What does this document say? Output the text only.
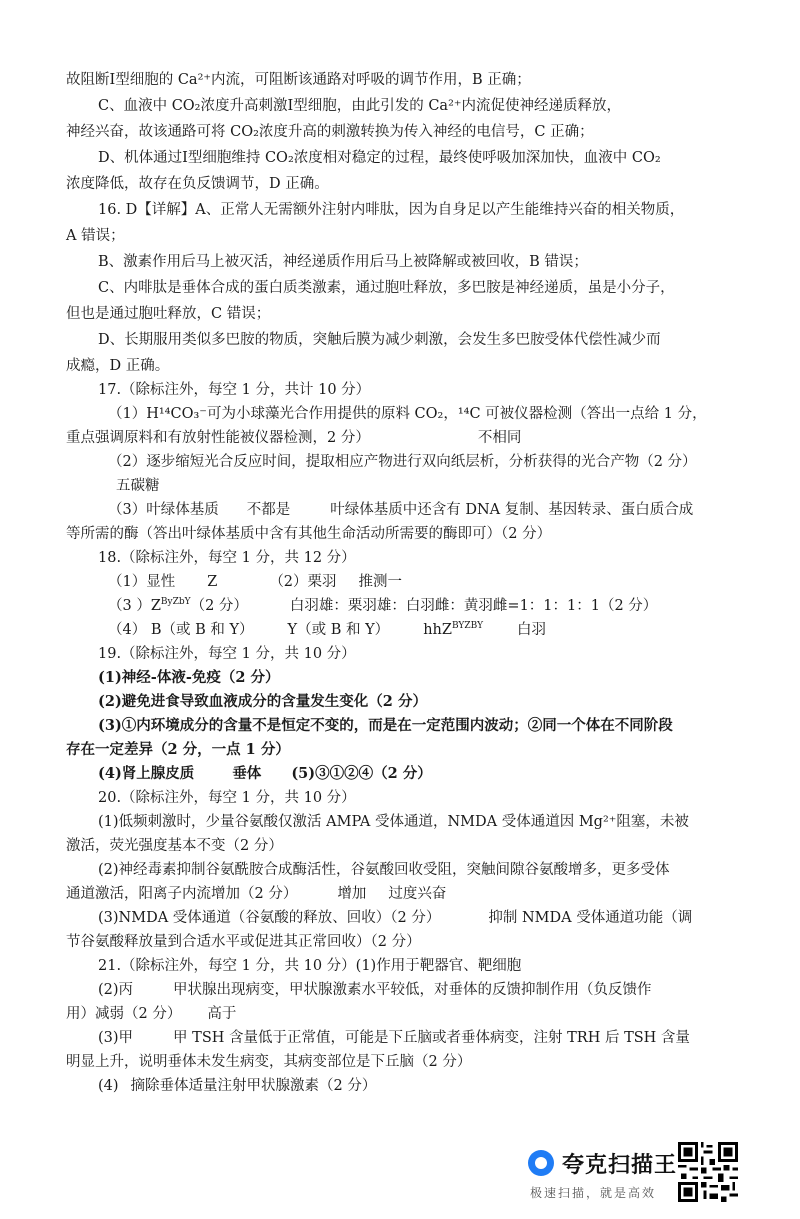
故阻断Ⅰ型细胞的 Ca²⁺内流，可阻断该通路对呼吸的调节作用，B 正确；
C、血液中 CO₂浓度升高刺激Ⅰ型细胞，由此引发的 Ca²⁺内流促使神经递质释放，
神经兴奋，故该通路可将 CO₂浓度升高的刺激转换为传入神经的电信号，C 正确；
D、机体通过Ⅰ型细胞维持 CO₂浓度相对稳定的过程，最终使呼吸加深加快，血液中 CO₂
浓度降低，故存在负反馈调节，D 正确。
16. D【详解】A、正常人无需额外注射内啡肽，因为自身足以产生能维持兴奋的相关物质，
A 错误；
B、激素作用后马上被灭活，神经递质作用后马上被降解或被回收，B 错误；
C、内啡肽是垂体合成的蛋白质类激素，通过胞吐释放，多巴胺是神经递质，虽是小分子，
但也是通过胞吐释放，C 错误；
D、长期服用类似多巴胺的物质，突触后膜为减少刺激，会发生多巴胺受体代偿性减少而
成瘾，D 正确。
17.（除标注外，每空 1 分，共计 10 分）
（1）H¹⁴CO₃⁻可为小球藻光合作用提供的原料 CO₂，¹⁴C 可被仪器检测（答出一点给 1 分，
重点强调原料和有放射性能被仪器检测，2 分）	不相同
（2）逐步缩短光合反应时间，提取相应产物进行双向纸层析，分析获得的光合产物（2 分）
五碳糖
（3）叶绿体基质 不都是	叶绿体基质中还含有 DNA 复制、基因转录、蛋白质合成
等所需的酶（答出叶绿体基质中含有其他生命活动所需要的酶即可）（2 分）
18.（除标注外，每空 1 分，共 12 分）
（1）显性 Z	（2）栗羽 推测一
（3 ）$Z^{ByZbY}(2$ 分）	白羽雄：栗羽雄：白羽雌：黄羽雌=1：1：1：1（2 分）
（4） B（或 B 和 Y） Y（或 B 和 Y） hhZ$^{BYZBY}$ 白羽
19.（除标注外，每空 1 分，共 10 分）
(1)神经-体液-免疫（2 分）
(2)避免进食导致血液成分的含量发生变化（2 分）
(3)①内环境成分的含量不是恒定不变的，而是在一定范围内波动；②同一个体在不同阶段
存在一定差异（2 分，一点 1 分）
(4)肾上腺皮质	垂体 (5)③①②④（2 分）
20.（除标注外，每空 1 分，共 10 分）
(1)低频刺激时，少量谷氨酸仅激活 AMPA 受体通道，NMDA 受体通道因 Mg²⁺阻塞，未被
激活，荧光强度基本不变（2 分）
(2)神经毒素抑制谷氨酰胺合成酶活性，谷氨酸回收受阻，突触间隙谷氨酸增多，更多受体
通道激活，阳离子内流增加（2 分）	增加 过度兴奋
(3)NMDA 受体通道（谷氨酸的释放、回收）（2 分）	抑制 NMDA 受体通道功能（调
节谷氨酸释放量到合适水平或促进其正常回收）（2 分）
21.（除标注外，每空 1 分，共 10 分）(1)作用于靶器官、靶细胞
(2)丙	甲状腺出现病变，甲状腺激素水平较低，对垂体的反馈抑制作用（负反馈作
用）减弱（2 分） 高于
(3)甲	甲 TSH 含量低于正常值，可能是下丘脑或者垂体病变，注射 TRH 后 TSH 含量
明显上升，说明垂体未发生病变，其病变部位是下丘脑（2 分）
(4) 摘除垂体适量注射甲状腺激素（2 分）
夸克扫描王
极速扫描，就是高效
